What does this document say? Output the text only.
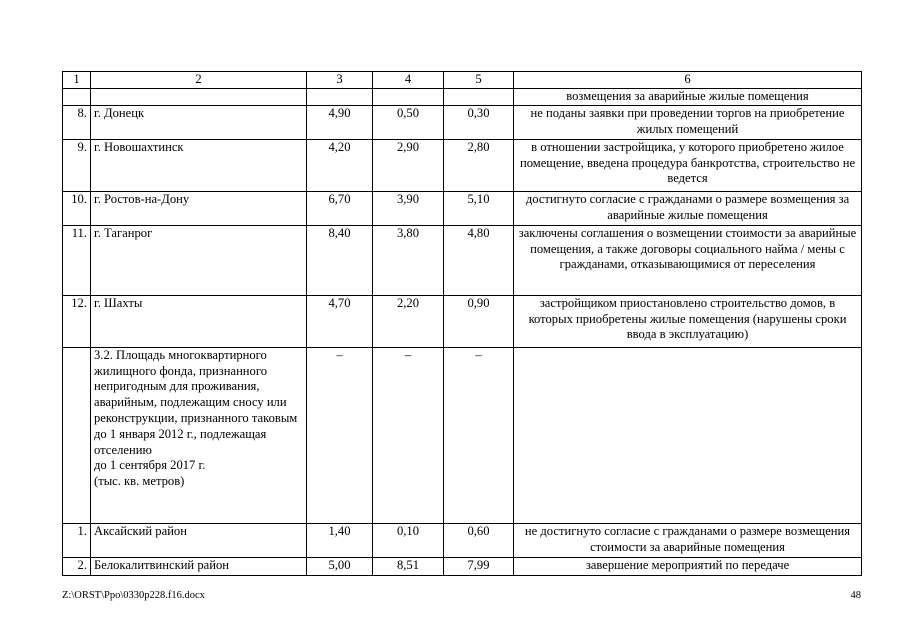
1	2	3	4	5	6
					возмещения за аварийные жилые помещения
8.	г. Донецк	4,90	0,50	0,30	не поданы заявки при проведении торгов на приобретение жилых помещений
9.	г. Новошахтинск	4,20	2,90	2,80	в отношении застройщика, у которого приобретено жилое помещение, введена процедура банкротства, строительство не ведется
10.	г. Ростов-на-Дону	6,70	3,90	5,10	достигнуто согласие с гражданами о размере возмещения за аварийные жилые помещения
11.	г. Таганрог	8,40	3,80	4,80	заключены соглашения о возмещении стоимости за аварийные помещения, а также договоры социального найма / мены с гражданами, отказывающимися от переселения
12.	г. Шахты	4,70	2,20	0,90	застройщиком приостановлено строительство домов, в которых приобретены жилые помещения (нарушены сроки ввода в эксплуатацию)
	3.2. Площадь многоквартирного жилищного фонда, признанного непригодным для проживания, аварийным, подлежащим сносу или реконструкции, признанного таковым
до 1 января 2012 г., подлежащая отселению
до 1 сентября 2017 г.
(тыс. кв. метров)	–	–	–	
1.	Аксайский район	1,40	0,10	0,60	не достигнуто согласие с гражданами о размере возмещения стоимости за аварийные помещения
2.	Белокалитвинский район	5,00	8,51	7,99	завершение мероприятий по передаче
Z:\ORST\Ppo\0330p228.f16.docx	48
